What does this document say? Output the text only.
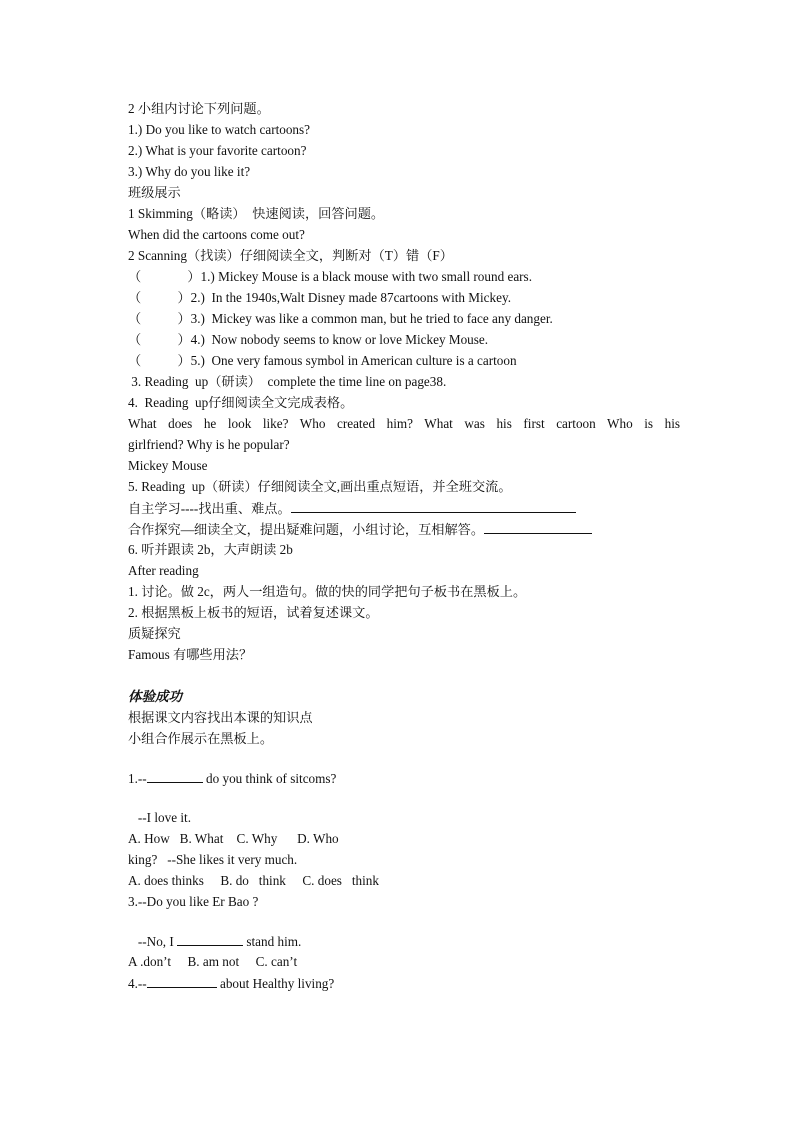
2 小组内讨论下列问题。
1.) Do you like to watch cartoons?
2.) What is your favorite cartoon?
3.) Why do you like it?
班级展示
1 Skimming（略读）  快速阅读，回答问题。
When did the cartoons come out?
2 Scanning（找读）仔细阅读全文，判断对（T）错（F）
（              ）1.) Mickey Mouse is a black mouse with two small round ears.
（           ）2.)  In the 1940s,Walt Disney made 87cartoons with Mickey.
（           ）3.)  Mickey was like a common man, but he tried to face any danger.
（           ）4.)  Now nobody seems to know or love Mickey Mouse.
（           ）5.)  One very famous symbol in American culture is a cartoon
3. Reading  up（研读）  complete the time line on page38.
4.  Reading  up仔细阅读全文完成表格。
What does he look like? Who created him? What was his first cartoon Who is his
girlfriend? Why is he popular?
Mickey Mouse
5. Reading  up（研读）仔细阅读全文,画出重点短语，并全班交流。
自主学习----找出重、难点。
合作探究—细读全文，提出疑难问题，小组讨论，互相解答。
6. 听并跟读 2b，大声朗读 2b
After reading
1. 讨论。做 2c，两人一组造句。做的快的同学把句子板书在黑板上。
2. 根据黑板上板书的短语，试着复述课文。
质疑探究
Famous 有哪些用法？
体验成功
根据课文内容找出本课的知识点
小组合作展示在黑板上。
1.--	do you think of sitcoms?
--I love it.
A. How   B. What    C. Why      D. Who
king?   --She likes it very much.
A. does thinks     B. do   think     C. does   think
3.--Do you like Er Bao ?
--No, I	stand him.
A .don’t     B. am not     C. can’t
4.--	about Healthy living?
